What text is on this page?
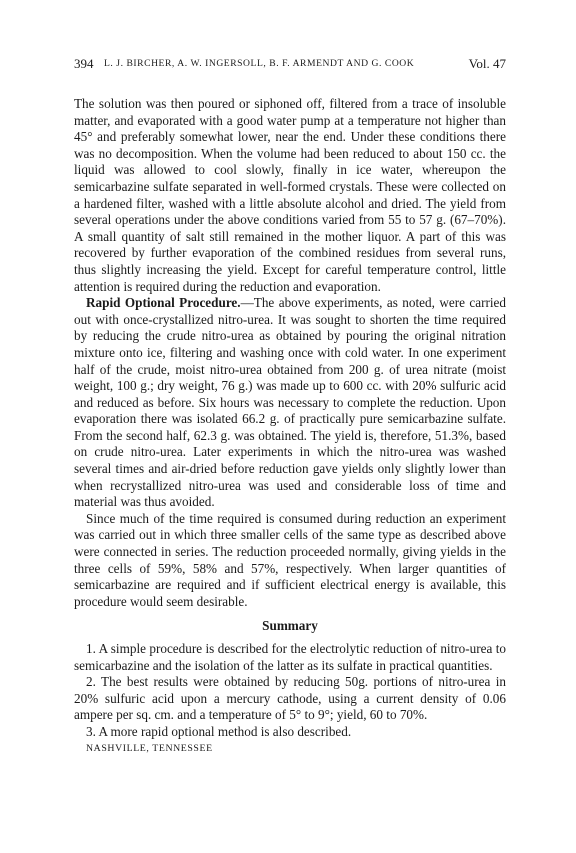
394 L. J. BIRCHER, A. W. INGERSOLL, B. F. ARMENDT AND G. COOK	Vol. 47

The solution was then poured or siphoned off, filtered from a trace of insoluble matter, and evaporated with a good water pump at a temperature not higher than 45° and preferably somewhat lower, near the end. Under these conditions there was no decomposition. When the volume had been reduced to about 150 cc. the liquid was allowed to cool slowly, finally in ice water, whereupon the semicarbazine sulfate separated in well-formed crystals. These were collected on a hardened filter, washed with a little absolute alcohol and dried. The yield from several operations under the above conditions varied from 55 to 57 g. (67–70%). A small quantity of salt still remained in the mother liquor. A part of this was recovered by further evaporation of the combined residues from several runs, thus slightly increasing the yield. Except for careful temperature control, little attention is required during the reduction and evaporation.

Rapid Optional Procedure.—The above experiments, as noted, were carried out with once-crystallized nitro-urea. It was sought to shorten the time required by reducing the crude nitro-urea as obtained by pouring the original nitration mixture onto ice, filtering and washing once with cold water. In one experiment half of the crude, moist nitro-urea obtained from 200 g. of urea nitrate (moist weight, 100 g.; dry weight, 76 g.) was made up to 600 cc. with 20% sulfuric acid and reduced as before. Six hours was necessary to complete the reduction. Upon evaporation there was isolated 66.2 g. of practically pure semicarbazine sulfate. From the second half, 62.3 g. was obtained. The yield is, therefore, 51.3%, based on crude nitro-urea. Later experiments in which the nitro-urea was washed several times and air-dried before reduction gave yields only slightly lower than when recrystallized nitro-urea was used and considerable loss of time and material was thus avoided.

Since much of the time required is consumed during reduction an experiment was carried out in which three smaller cells of the same type as described above were connected in series. The reduction proceeded normally, giving yields in the three cells of 59%, 58% and 57%, respectively. When larger quantities of semicarbazine are required and if sufficient electrical energy is available, this procedure would seem desirable.

Summary

1. A simple procedure is described for the electrolytic reduction of nitro-urea to semicarbazine and the isolation of the latter as its sulfate in practical quantities.

2. The best results were obtained by reducing 50g. portions of nitro-urea in 20% sulfuric acid upon a mercury cathode, using a current density of 0.06 ampere per sq. cm. and a temperature of 5° to 9°; yield, 60 to 70%.

3. A more rapid optional method is also described.

NASHVILLE, TENNESSEE
